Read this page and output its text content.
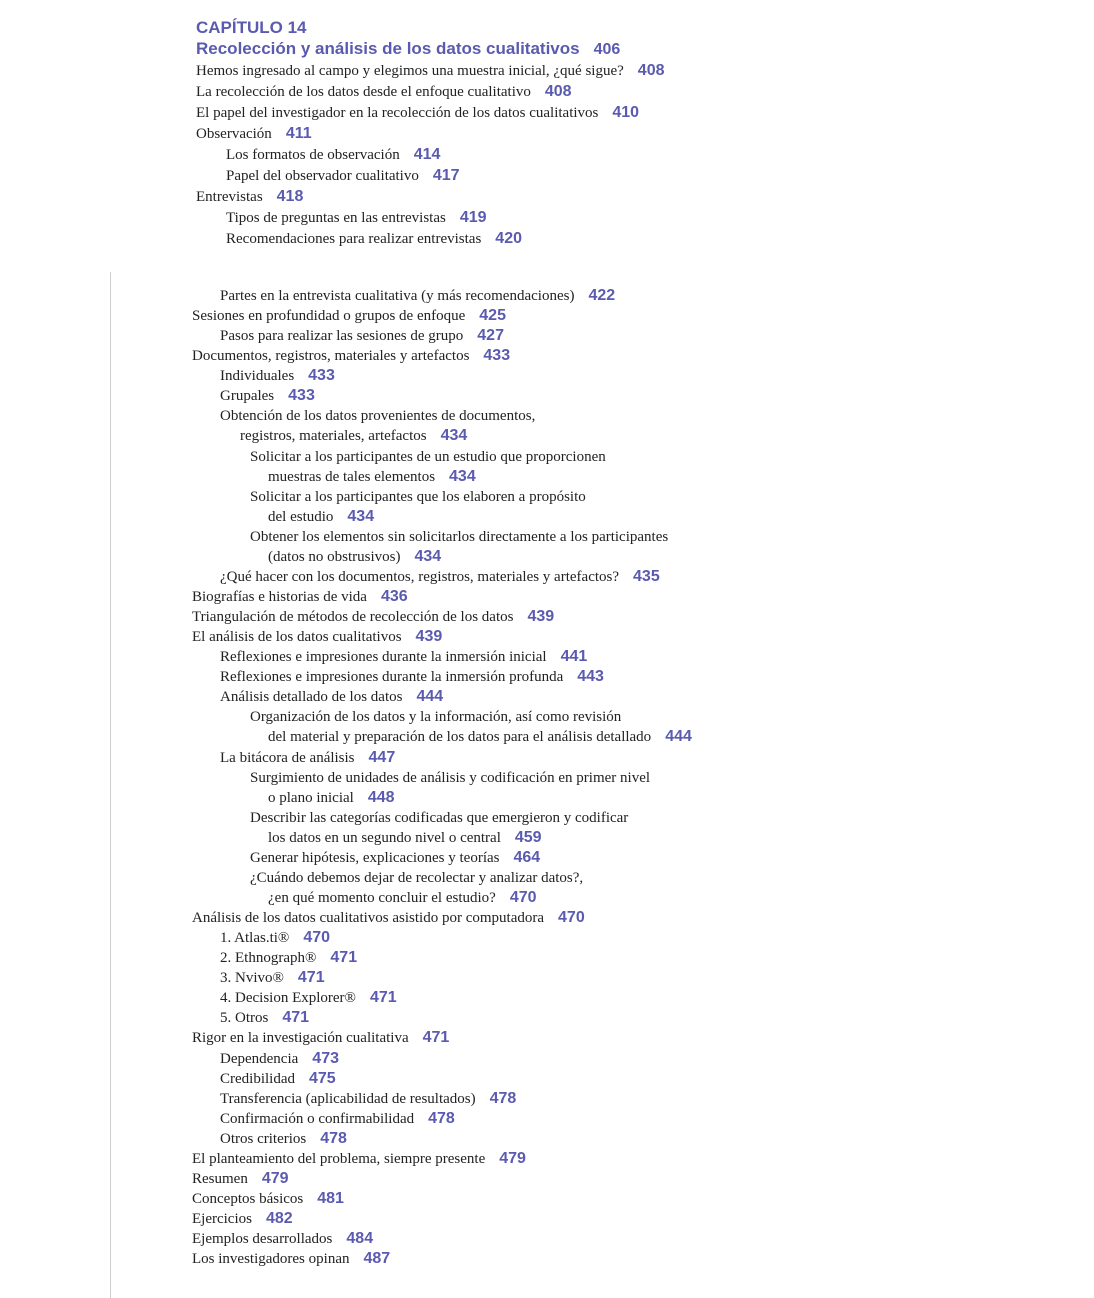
CAPÍTULO 14
Recolección y análisis de los datos cualitativos 406
Hemos ingresado al campo y elegimos una muestra inicial, ¿qué sigue? 408
La recolección de los datos desde el enfoque cualitativo 408
El papel del investigador en la recolección de los datos cualitativos 410
Observación 411
Los formatos de observación 414
Papel del observador cualitativo 417
Entrevistas 418
Tipos de preguntas en las entrevistas 419
Recomendaciones para realizar entrevistas 420
Partes en la entrevista cualitativa (y más recomendaciones) 422
Sesiones en profundidad o grupos de enfoque 425
Pasos para realizar las sesiones de grupo 427
Documentos, registros, materiales y artefactos 433
Individuales 433
Grupales 433
Obtención de los datos provenientes de documentos,
registros, materiales, artefactos 434
Solicitar a los participantes de un estudio que proporcionen
muestras de tales elementos 434
Solicitar a los participantes que los elaboren a propósito
del estudio 434
Obtener los elementos sin solicitarlos directamente a los participantes
(datos no obstrusivos) 434
¿Qué hacer con los documentos, registros, materiales y artefactos? 435
Biografías e historias de vida 436
Triangulación de métodos de recolección de los datos 439
El análisis de los datos cualitativos 439
Reflexiones e impresiones durante la inmersión inicial 441
Reflexiones e impresiones durante la inmersión profunda 443
Análisis detallado de los datos 444
Organización de los datos y la información, así como revisión
del material y preparación de los datos para el análisis detallado 444
La bitácora de análisis 447
Surgimiento de unidades de análisis y codificación en primer nivel
o plano inicial 448
Describir las categorías codificadas que emergieron y codificar
los datos en un segundo nivel o central 459
Generar hipótesis, explicaciones y teorías 464
¿Cuándo debemos dejar de recolectar y analizar datos?,
¿en qué momento concluir el estudio? 470
Análisis de los datos cualitativos asistido por computadora 470
1. Atlas.ti® 470
2. Ethnograph® 471
3. Nvivo® 471
4. Decision Explorer® 471
5. Otros 471
Rigor en la investigación cualitativa 471
Dependencia 473
Credibilidad 475
Transferencia (aplicabilidad de resultados) 478
Confirmación o confirmabilidad 478
Otros criterios 478
El planteamiento del problema, siempre presente 479
Resumen 479
Conceptos básicos 481
Ejercicios 482
Ejemplos desarrollados 484
Los investigadores opinan 487
